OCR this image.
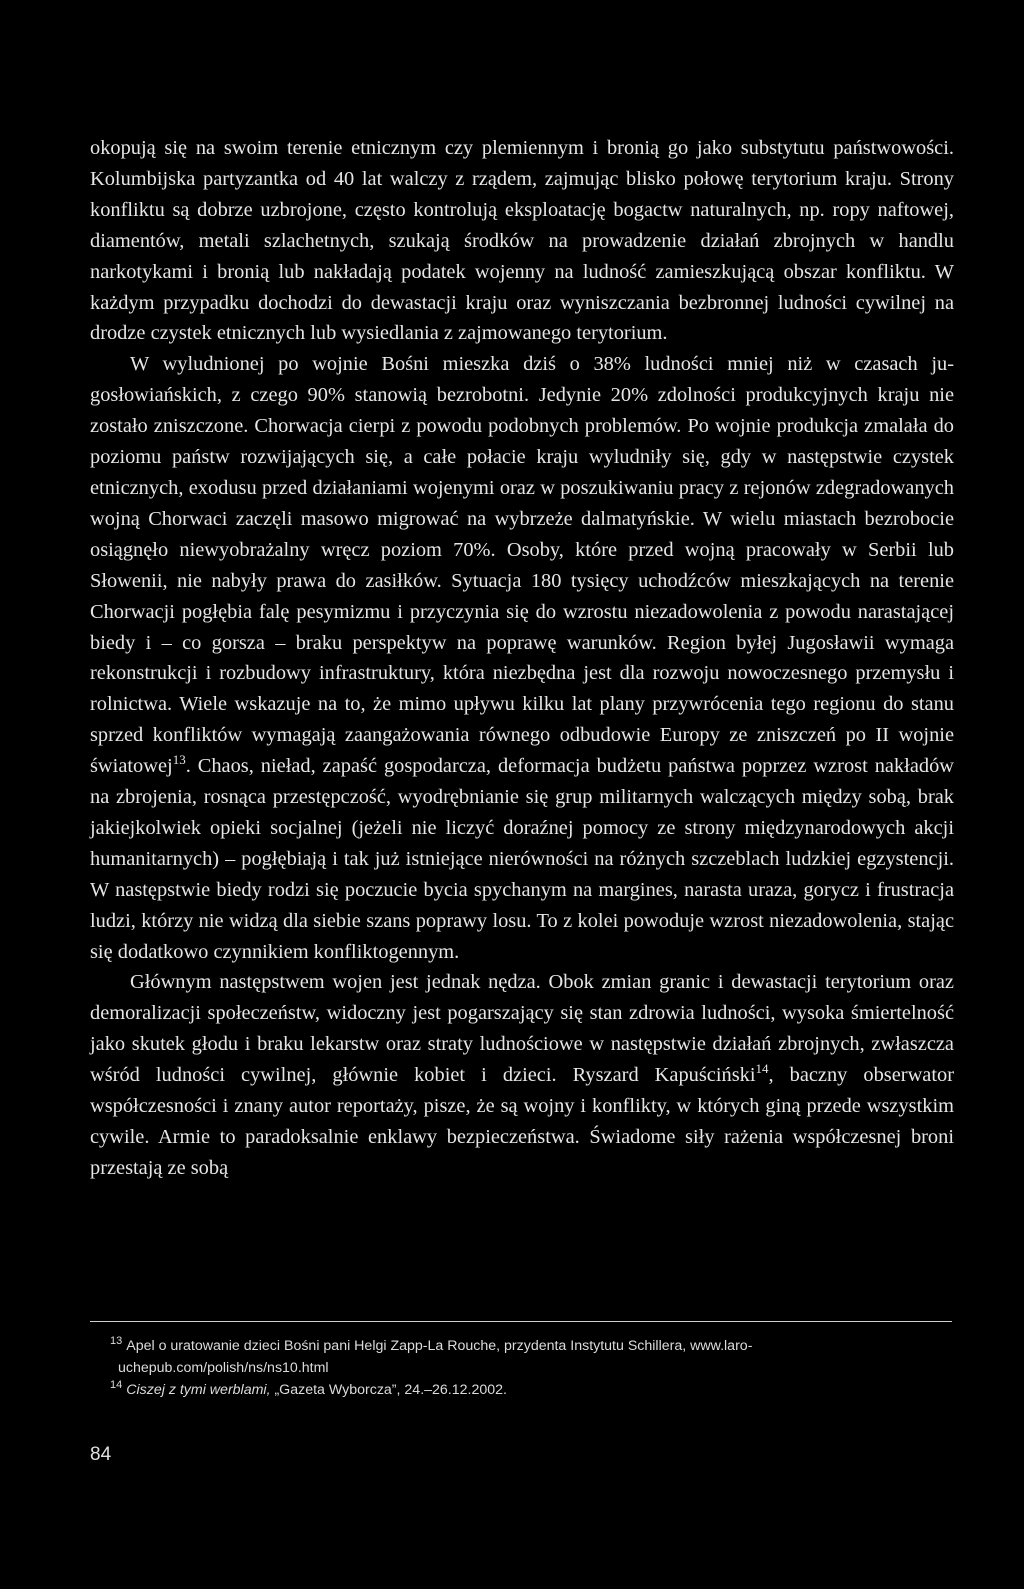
okopują się na swoim terenie etnicznym czy plemiennym i bronią go jako substytutu państwowości. Kolumbijska partyzantka od 40 lat walczy z rządem, zajmując blisko połowę terytorium kraju. Strony konfliktu są dobrze uzbrojone, często kontrolują eksploatację bogactw naturalnych, np. ropy naftowej, diamentów, metali szlachetnych, szukają środków na prowadzenie działań zbrojnych w handlu narkotykami i bronią lub nakładają podatek wojenny na ludność zamieszkującą obszar konfliktu. W każdym przypadku dochodzi do dewastacji kraju oraz wyniszczania bezbronnej ludności cywilnej na drodze czystek etnicznych lub wysiedlania z zajmowanego terytorium.

W wyludnionej po wojnie Bośni mieszka dziś o 38% ludności mniej niż w czasach jugosłowiańskich, z czego 90% stanowią bezrobotni. Jedynie 20% zdolności produkcyjnych kraju nie zostało zniszczone. Chorwacja cierpi z powodu podobnych problemów. Po wojnie produkcja zmalała do poziomu państw rozwijających się, a całe połacie kraju wyludniły się, gdy w następstwie czystek etnicznych, exodusu przed działaniami wojenymi oraz w poszukiwaniu pracy z rejonów zdegradowanych wojną Chorwaci zaczęli masowo migrować na wybrzeże dalmatyńskie. W wielu miastach bezrobocie osiągnęło niewyobrażalny wręcz poziom 70%. Osoby, które przed wojną pracowały w Serbii lub Słowenii, nie nabyły prawa do zasiłków. Sytuacja 180 tysięcy uchodźców mieszkających na terenie Chorwacji pogłębia falę pesymizmu i przyczynia się do wzrostu niezadowolenia z powodu narastającej biedy i – co gorsza – braku perspektyw na poprawę warunków. Region byłej Jugosławii wymaga rekonstrukcji i rozbudowy infrastruktury, która niezbędna jest dla rozwoju nowoczesnego przemysłu i rolnictwa. Wiele wskazuje na to, że mimo upływu kilku lat plany przywrócenia tego regionu do stanu sprzed konfliktów wymagają zaangażowania równego odbudowie Europy ze zniszczeń po II wojnie światowej$^{13}$. Chaos, nieład, zapaść gospodarcza, deformacja budżetu państwa poprzez wzrost nakładów na zbrojenia, rosnąca przestępczość, wyodrębnianie się grup militarnych walczących między sobą, brak jakiejkolwiek opieki socjalnej (jeżeli nie liczyć doraźnej pomocy ze strony międzynarodowych akcji humanitarnych) – pogłębiają i tak już istniejące nierówności na różnych szczeblach ludzkiej egzystencji. W następstwie biedy rodzi się poczucie bycia spychanym na margines, narasta uraza, gorycz i frustracja ludzi, którzy nie widzą dla siebie szans poprawy losu. To z kolei powoduje wzrost niezadowolenia, stając się dodatkowo czynnikiem konfliktogennym.

Głównym następstwem wojen jest jednak nędza. Obok zmian granic i dewastacji terytorium oraz demoralizacji społeczeństw, widoczny jest pogarszający się stan zdrowia ludności, wysoka śmiertelność jako skutek głodu i braku lekarstw oraz straty ludnościowe w następstwie działań zbrojnych, zwłaszcza wśród ludności cywilnej, głównie kobiet i dzieci. Ryszard Kapuściński$^{14}$, baczny obserwator współczesności i znany autor reportaży, pisze, że są wojny i konflikty, w których giną przede wszystkim cywile. Armie to paradoksalnie enklawy bezpieczeństwa. Świadome siły rażenia współczesnej broni przestają ze sobą

13 Apel o uratowanie dzieci Bośni pani Helgi Zapp-La Rouche, przydenta Instytutu Schillera, www.larouchepub.com/polish/ns/ns10.html

14 Ciszej z tymi werblami, „Gazeta Wyborcza”, 24.–26.12.2002.

84
